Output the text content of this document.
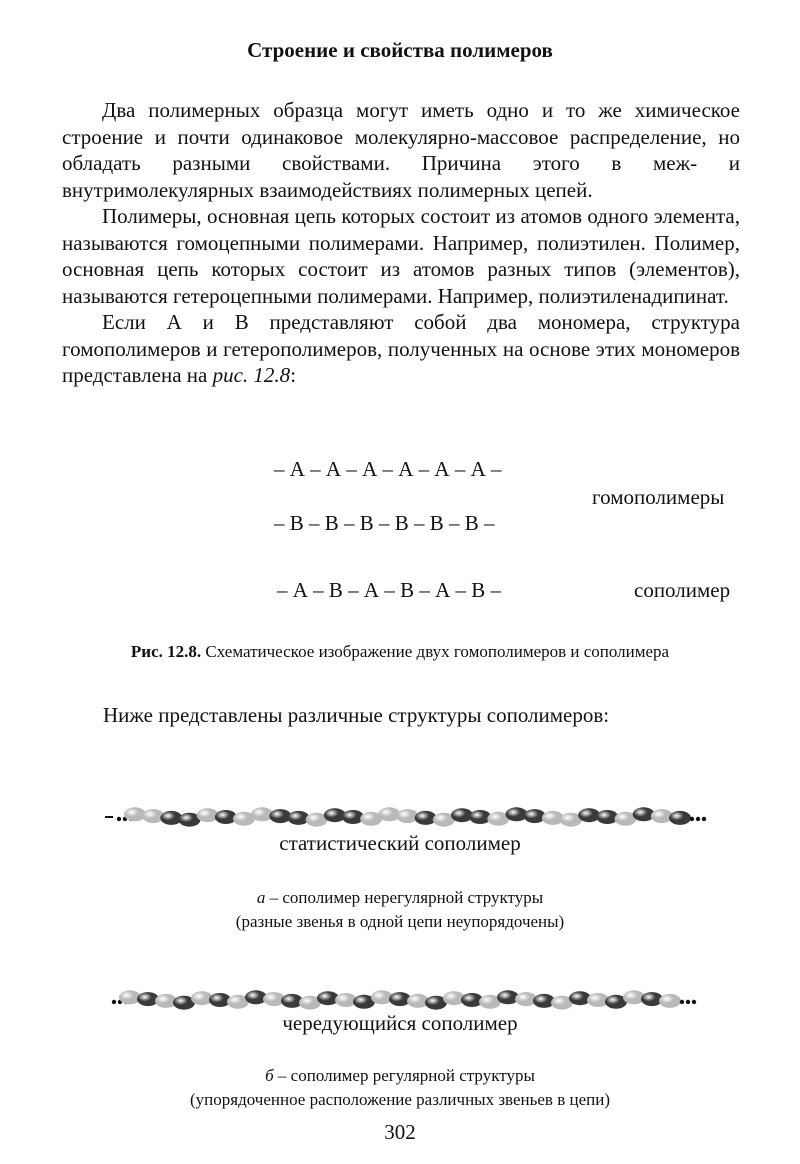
Строение и свойства полимеров

Два полимерных образца могут иметь одно и то же химическое строение и почти одинаковое молекулярно-массовое распределение, но обладать разными свойствами. Причина этого в меж- и внутримолекулярных взаимодействиях полимерных цепей.

Полимеры, основная цепь которых состоит из атомов одного элемента, называются гомоцепными полимерами. Например, полиэтилен. Полимер, основная цепь которых состоит из атомов разных типов (элементов), называются гетероцепными полимерами. Например, полиэтиленадипинат.

Если А и В представляют собой два мономера, структура гомополимеров и гетерополимеров, полученных на основе этих мономеров представлена на рис. 12.8:

– А – А – А – А – А – А –
гомополимеры
– В – В – В – В – В – В –
– А – В – А – В – А – В –	сополимер
Рис. 12.8. Схематическое изображение двух гомополимеров и сополимера
Ниже представлены различные структуры сополимеров:
статистический сополимер
а – сополимер нерегулярной структуры
(разные звенья в одной цепи неупорядочены)
чередующийся сополимер
б – сополимер регулярной структуры
(упорядоченное расположение различных звеньев в цепи)
302
